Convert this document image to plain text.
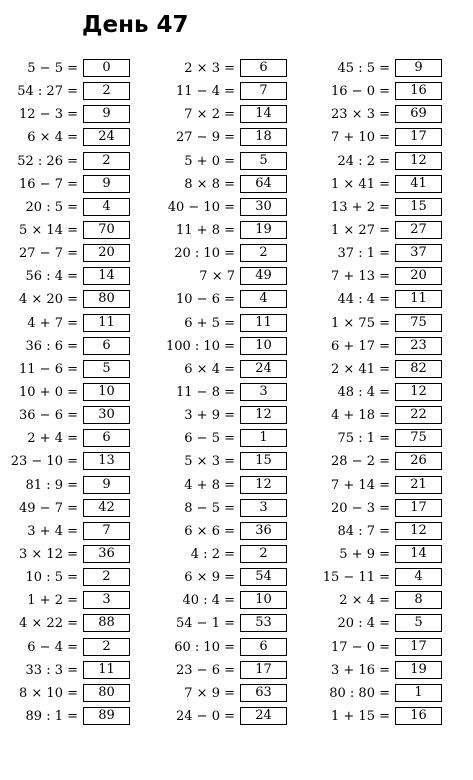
День 47
5 − 5 =	0
54 : 27 =	2
12 − 3 =	9
6 × 4 =	24
52 : 26 =	2
16 − 7 =	9
20 : 5 =	4
5 × 14 =	70
27 − 7 =	20
56 : 4 =	14
4 × 20 =	80
4 + 7 =	11
36 : 6 =	6
11 − 6 =	5
10 + 0 =	10
36 − 6 =	30
2 + 4 =	6
23 − 10 =	13
81 : 9 =	9
49 − 7 =	42
3 + 4 =	7
3 × 12 =	36
10 : 5 =	2
1 + 2 =	3
4 × 22 =	88
6 − 4 =	2
33 : 3 =	11
8 × 10 =	80
89 : 1 =	89
2 × 3 =	6
11 − 4 =	7
7 × 2 =	14
27 − 9 =	18
5 + 0 =	5
8 × 8 =	64
40 − 10 =	30
11 + 8 =	19
20 : 10 =	2
7 × 7	49
10 − 6 =	4
6 + 5 =	11
100 : 10 =	10
6 × 4 =	24
11 − 8 =	3
3 + 9 =	12
6 − 5 =	1
5 × 3 =	15
4 + 8 =	12
8 − 5 =	3
6 × 6 =	36
4 : 2 =	2
6 × 9 =	54
40 : 4 =	10
54 − 1 =	53
60 : 10 =	6
23 − 6 =	17
7 × 9 =	63
24 − 0 =	24
45 : 5 =	9
16 − 0 =	16
23 × 3 =	69
7 + 10 =	17
24 : 2 =	12
1 × 41 =	41
13 + 2 =	15
1 × 27 =	27
37 : 1 =	37
7 + 13 =	20
44 : 4 =	11
1 × 75 =	75
6 + 17 =	23
2 × 41 =	82
48 : 4 =	12
4 + 18 =	22
75 : 1 =	75
28 − 2 =	26
7 + 14 =	21
20 − 3 =	17
84 : 7 =	12
5 + 9 =	14
15 − 11 =	4
2 × 4 =	8
20 : 4 =	5
17 − 0 =	17
3 + 16 =	19
80 : 80 =	1
1 + 15 =	16
